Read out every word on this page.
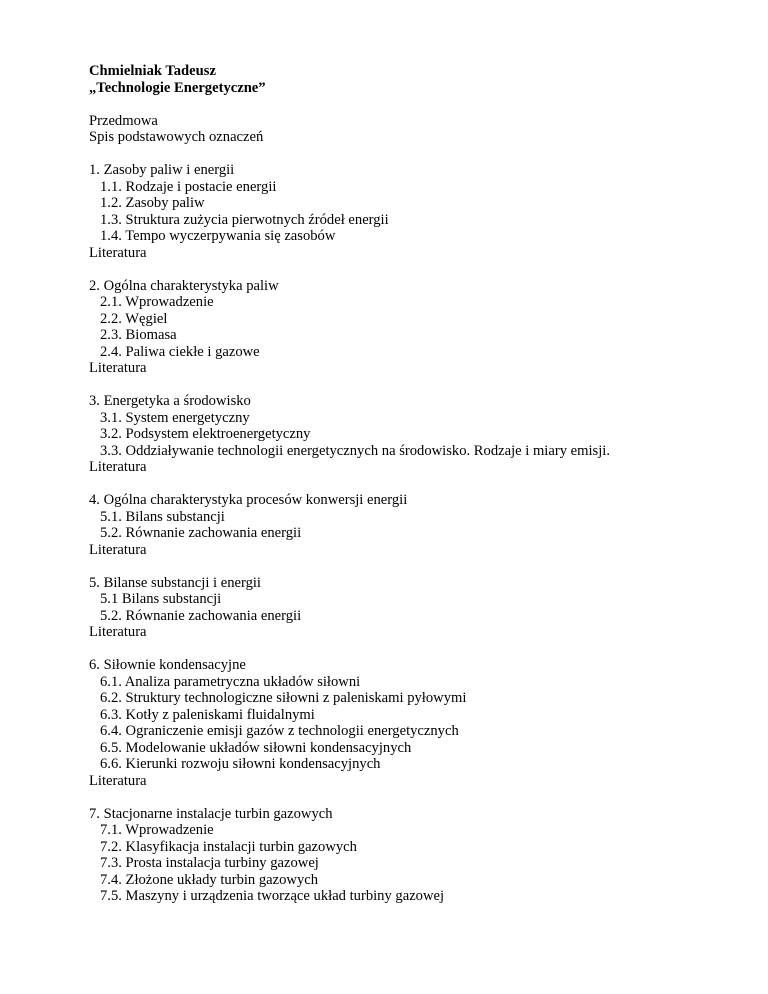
Chmielniak Tadeusz
„Technologie Energetyczne”
Przedmowa
Spis podstawowych oznaczeń
1. Zasoby paliw i energii
1.1. Rodzaje i postacie energii
1.2. Zasoby paliw
1.3. Struktura zużycia pierwotnych źródeł energii
1.4. Tempo wyczerpywania się zasobów
Literatura
2. Ogólna charakterystyka paliw
2.1. Wprowadzenie
2.2. Węgiel
2.3. Biomasa
2.4. Paliwa ciekłe i gazowe
Literatura
3. Energetyka a środowisko
3.1. System energetyczny
3.2. Podsystem elektroenergetyczny
3.3. Oddziaływanie technologii energetycznych na środowisko. Rodzaje i miary emisji.
Literatura
4. Ogólna charakterystyka procesów konwersji energii
5.1. Bilans substancji
5.2. Równanie zachowania energii
Literatura
5. Bilanse substancji i energii
5.1 Bilans substancji
5.2. Równanie zachowania energii
Literatura
6. Siłownie kondensacyjne
6.1. Analiza parametryczna układów siłowni
6.2. Struktury technologiczne siłowni z paleniskami pyłowymi
6.3. Kotły z paleniskami fluidalnymi
6.4. Ograniczenie emisji gazów z technologii energetycznych
6.5. Modelowanie układów siłowni kondensacyjnych
6.6. Kierunki rozwoju siłowni kondensacyjnych
Literatura
7. Stacjonarne instalacje turbin gazowych
7.1. Wprowadzenie
7.2. Klasyfikacja instalacji turbin gazowych
7.3. Prosta instalacja turbiny gazowej
7.4. Złożone układy turbin gazowych
7.5. Maszyny i urządzenia tworzące układ turbiny gazowej
